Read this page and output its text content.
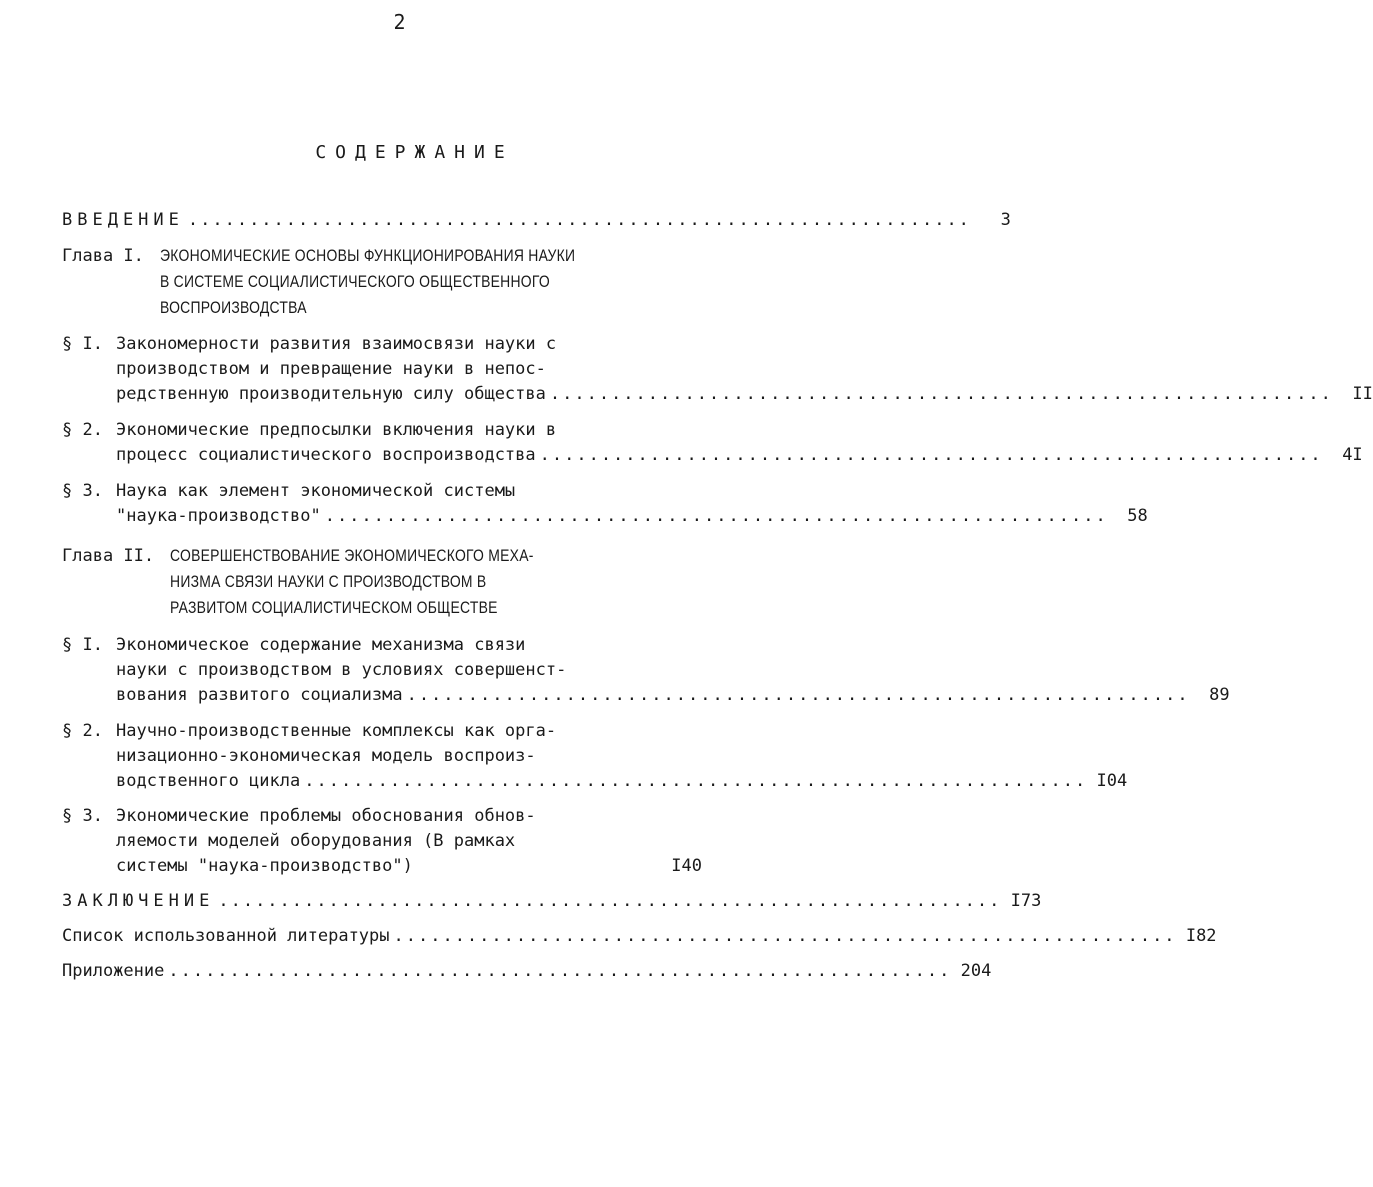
2
СОДЕРЖАНИЕ
ВВЕДЕНИЕ ................................................................	3
Глава I. ЭКОНОМИЧЕСКИЕ ОСНОВЫ ФУНКЦИОНИРОВАНИЯ НАУКИ
В СИСТЕМЕ СОЦИАЛИСТИЧЕСКОГО ОБЩЕСТВЕННОГО
ВОСПРОИЗВОДСТВА
§ I. Закономерности развития взаимосвязи науки с
производством и превращение науки в непос-
редственную производительную силу общества ................................................................	II
§ 2. Экономические предпосылки включения науки в
процесс социалистического воспроизводства ................................................................	4I
§ 3. Наука как элемент экономической системы
"наука-производство" ................................................................	58
Глава II. СОВЕРШЕНСТВОВАНИЕ ЭКОНОМИЧЕСКОГО МЕХА-
НИЗМА СВЯЗИ НАУКИ С ПРОИЗВОДСТВОМ В
РАЗВИТОМ СОЦИАЛИСТИЧЕСКОМ ОБЩЕСТВЕ
§ I. Экономическое содержание механизма связи
науки с производством в условиях совершенст-
вования развитого социализма ................................................................	89
§ 2. Научно-производственные комплексы как орга-
низационно-экономическая модель воспроиз-
водственного цикла ................................................................ I04
§ 3. Экономические проблемы обоснования обнов-
ляемости моделей оборудования (В рамках
системы "наука-производство")	I40
ЗАКЛЮЧЕНИЕ ................................................................ I73
Список использованной литературы ................................................................ I82
Приложение ................................................................ 204
